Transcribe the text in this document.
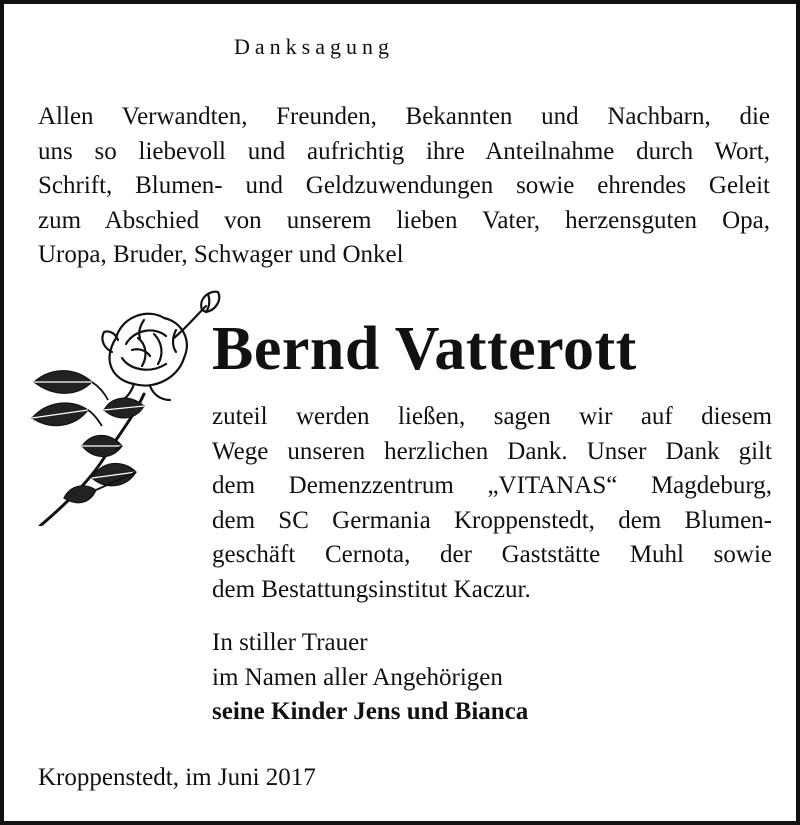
Danksagung
Allen Verwandten, Freunden, Bekannten und Nachbarn, die
uns so liebevoll und aufrichtig ihre Anteilnahme durch Wort,
Schrift, Blumen- und Geldzuwendungen sowie ehrendes Geleit
zum Abschied von unserem lieben Vater, herzensguten Opa,
Uropa, Bruder, Schwager und Onkel
Bernd Vatterott
zuteil werden ließen, sagen wir auf diesem
Wege unseren herzlichen Dank. Unser Dank gilt
dem Demenzzentrum „VITANAS“ Magdeburg,
dem SC Germania Kroppenstedt, dem Blumen-
geschäft Cernota, der Gaststätte Muhl sowie
dem Bestattungsinstitut Kaczur.
In stiller Trauer
im Namen aller Angehörigen
seine Kinder Jens und Bianca
Kroppenstedt, im Juni 2017
